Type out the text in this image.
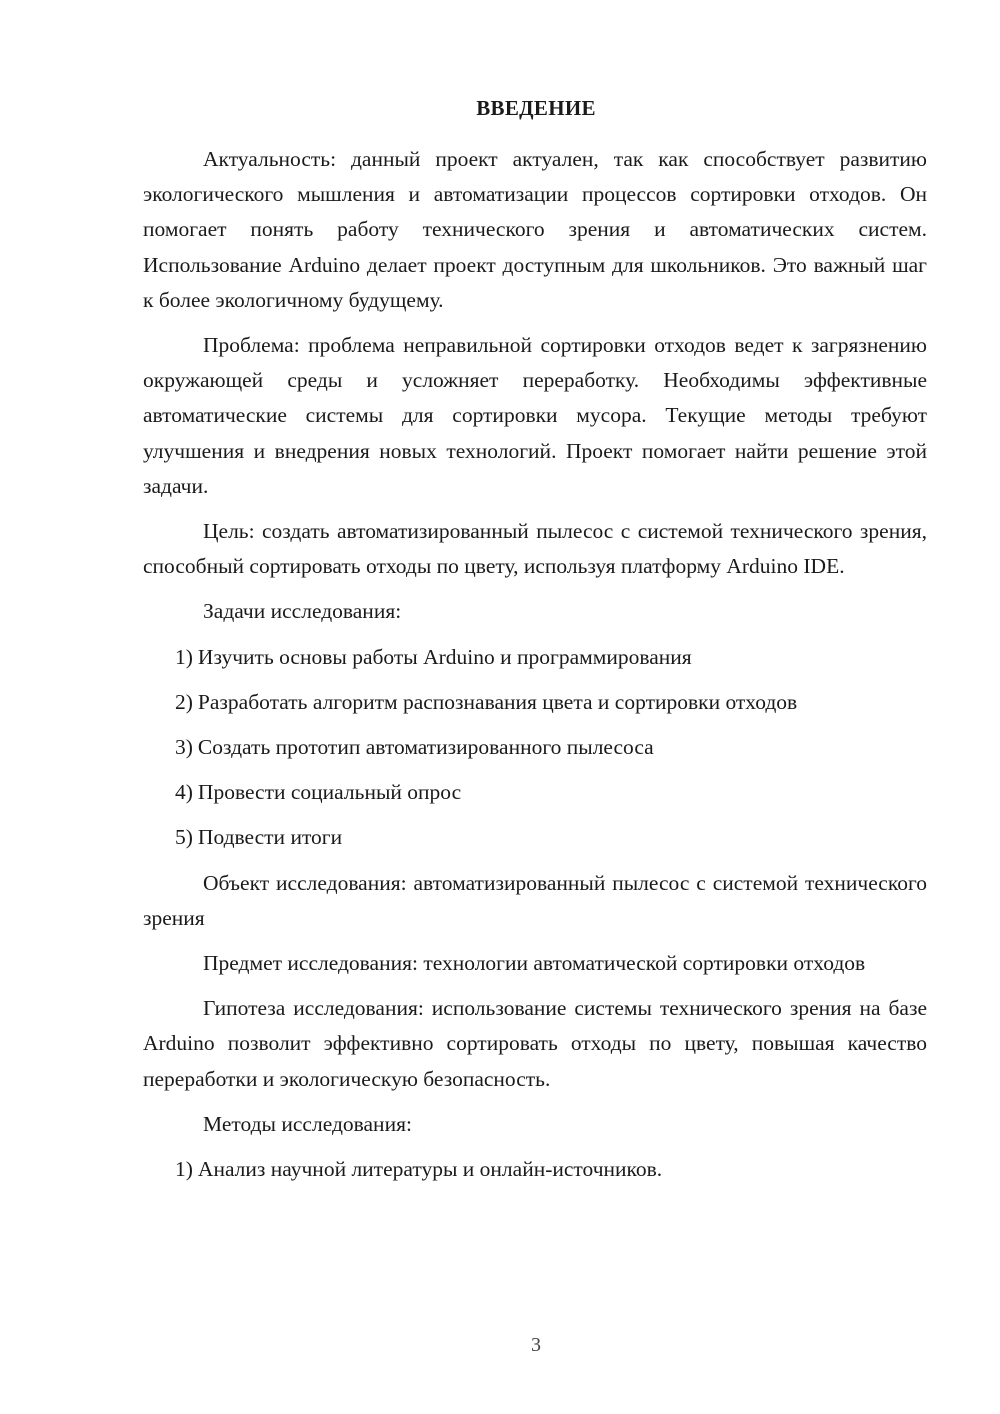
ВВЕДЕНИЕ

Актуальность: данный проект актуален, так как способствует развитию экологического мышления и автоматизации процессов сортировки отходов. Он помогает понять работу технического зрения и автоматических систем. Использование Arduino делает проект доступным для школьников. Это важный шаг к более экологичному будущему.

Проблема: проблема неправильной сортировки отходов ведет к загрязнению окружающей среды и усложняет переработку. Необходимы эффективные автоматические системы для сортировки мусора. Текущие методы требуют улучшения и внедрения новых технологий. Проект помогает найти решение этой задачи.

Цель: создать автоматизированный пылесос с системой технического зрения, способный сортировать отходы по цвету, используя платформу Arduino IDE.

Задачи исследования:

1) Изучить основы работы Arduino и программирования
2) Разработать алгоритм распознавания цвета и сортировки отходов
3) Создать прототип автоматизированного пылесоса
4) Провести социальный опрос
5) Подвести итоги

Объект исследования: автоматизированный пылесос с системой технического зрения

Предмет исследования: технологии автоматической сортировки отходов

Гипотеза исследования: использование системы технического зрения на базе Arduino позволит эффективно сортировать отходы по цвету, повышая качество переработки и экологическую безопасность.

Методы исследования:

1) Анализ научной литературы и онлайн-источников.
3
